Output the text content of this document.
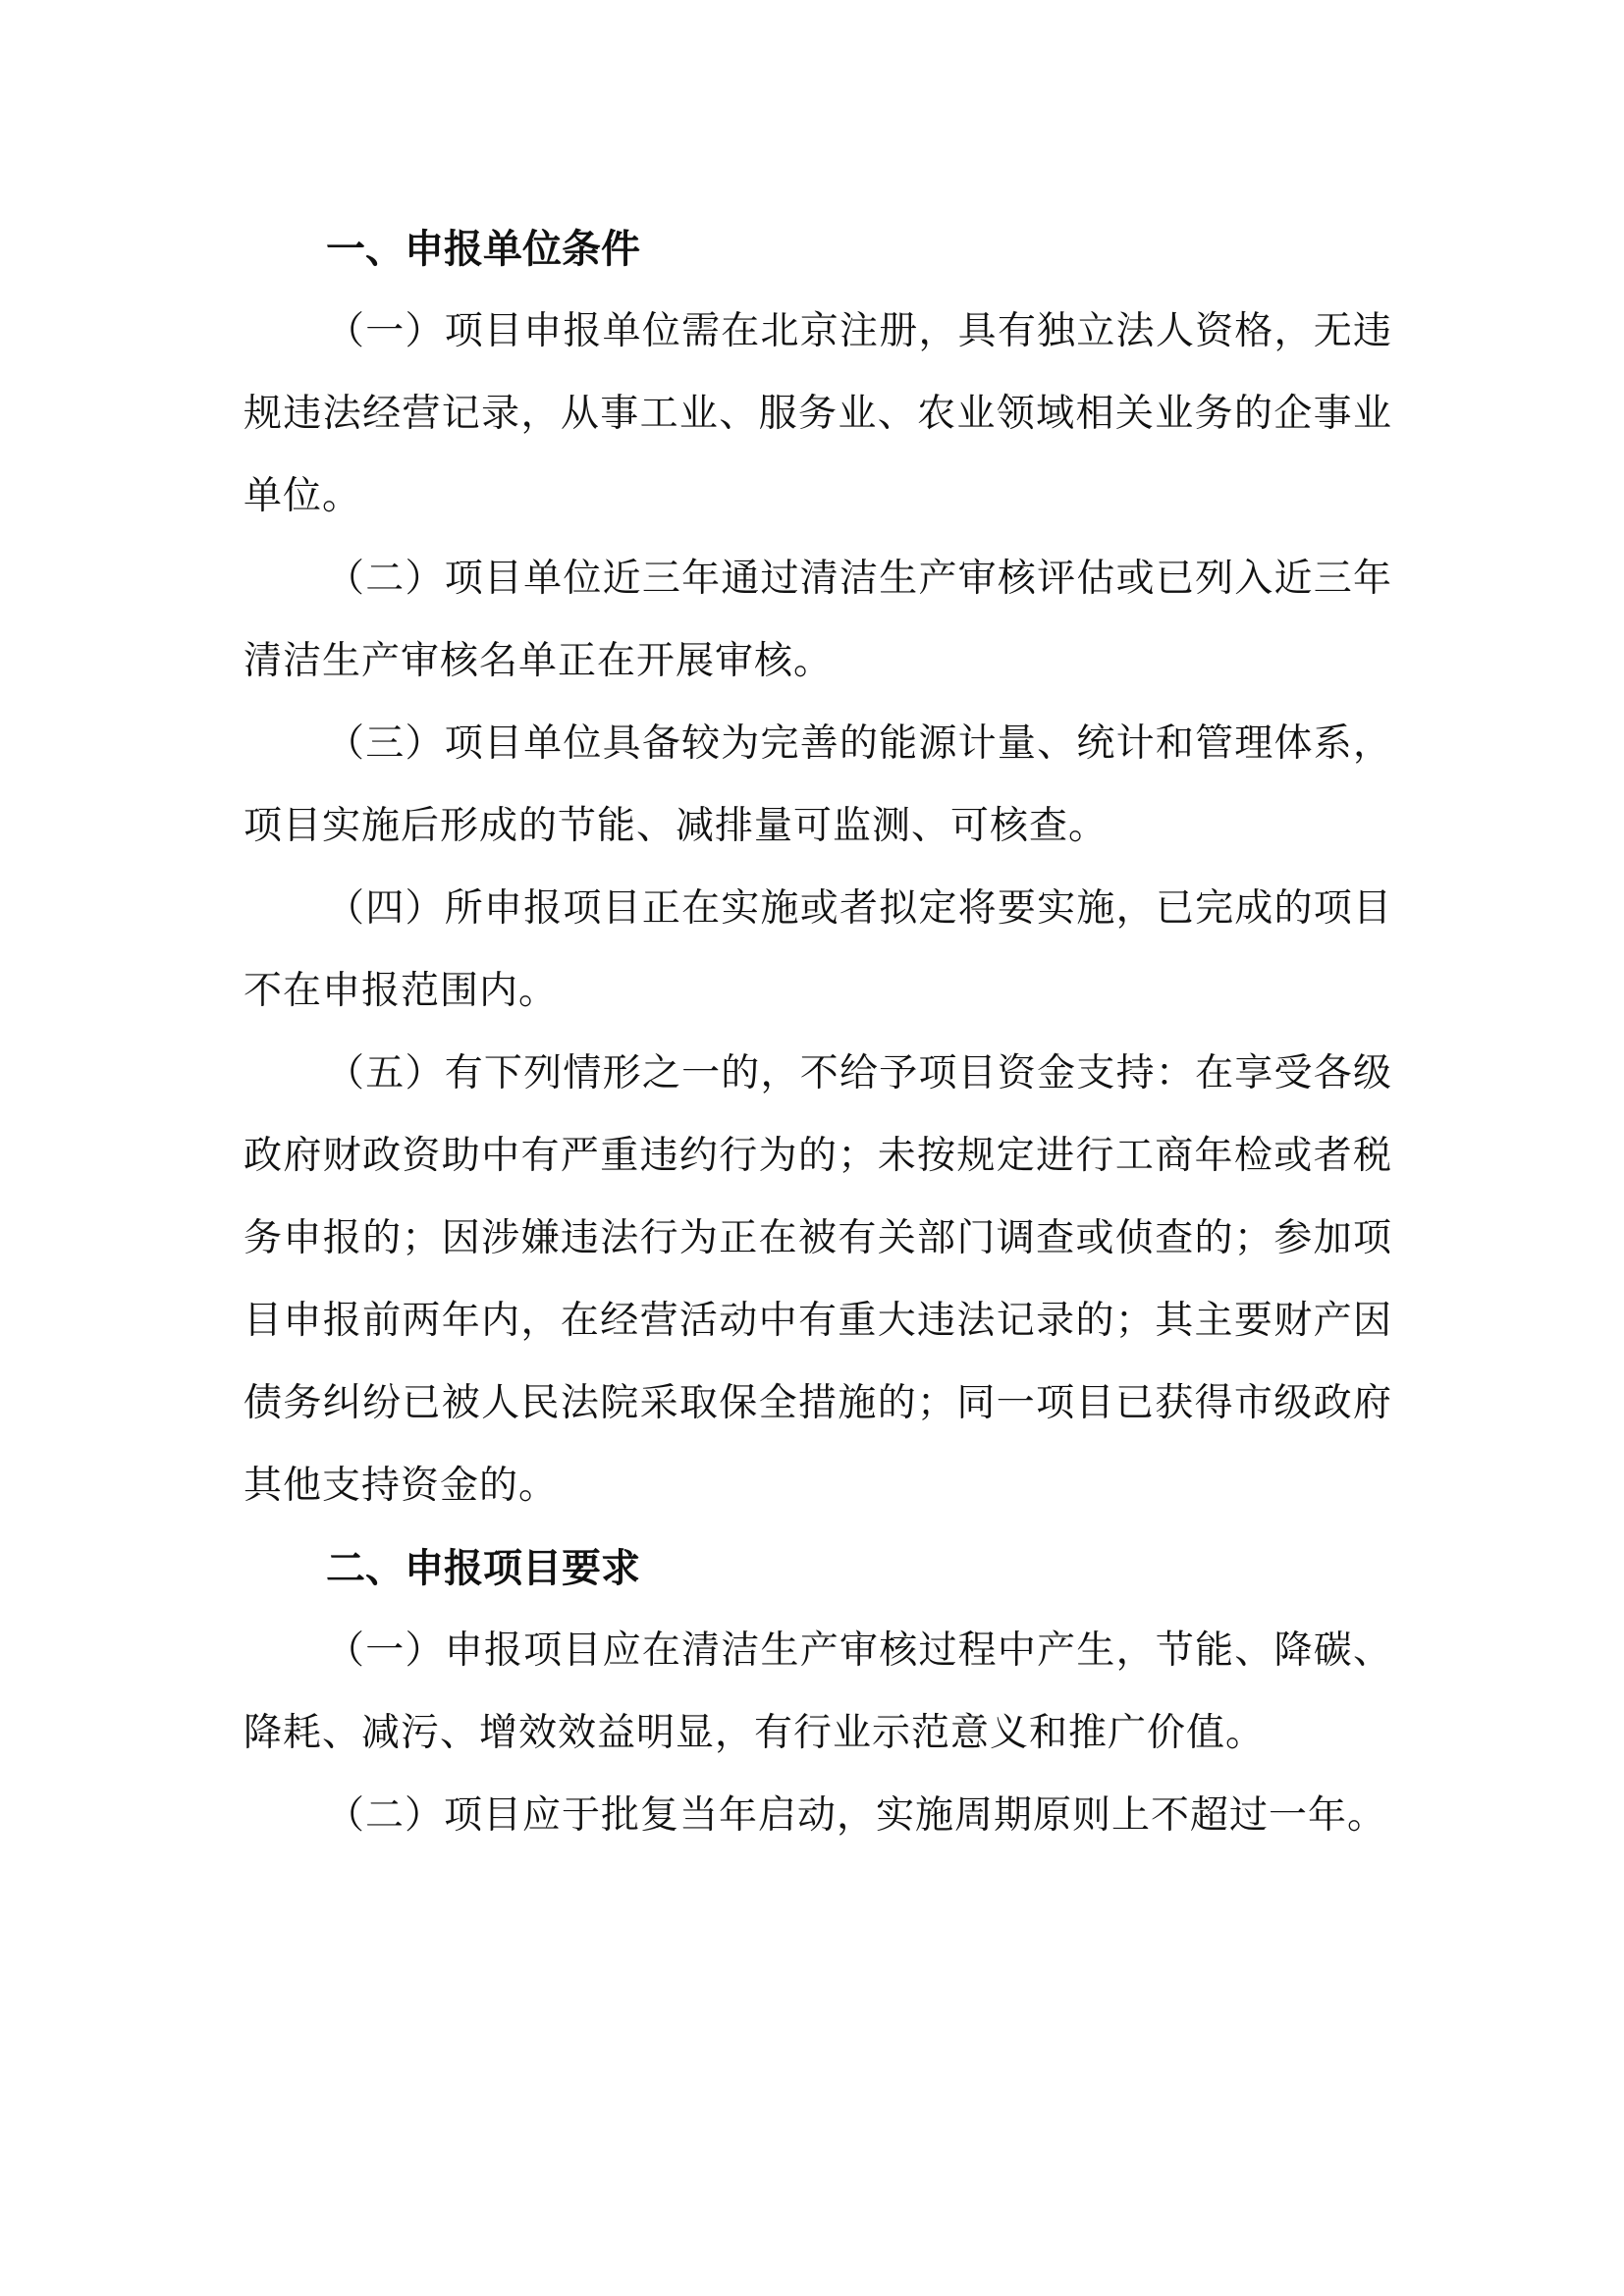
一、申报单位条件

（一）项目申报单位需在北京注册，具有独立法人资格，无违规违法经营记录，从事工业、服务业、农业领域相关业务的企事业单位。

（二）项目单位近三年通过清洁生产审核评估或已列入近三年清洁生产审核名单正在开展审核。

（三）项目单位具备较为完善的能源计量、统计和管理体系，项目实施后形成的节能、减排量可监测、可核查。

（四）所申报项目正在实施或者拟定将要实施，已完成的项目不在申报范围内。

（五）有下列情形之一的，不给予项目资金支持：在享受各级政府财政资助中有严重违约行为的；未按规定进行工商年检或者税务申报的；因涉嫌违法行为正在被有关部门调查或侦查的；参加项目申报前两年内，在经营活动中有重大违法记录的；其主要财产因债务纠纷已被人民法院采取保全措施的；同一项目已获得市级政府其他支持资金的。

二、申报项目要求

（一）申报项目应在清洁生产审核过程中产生，节能、降碳、降耗、减污、增效效益明显，有行业示范意义和推广价值。

（二）项目应于批复当年启动，实施周期原则上不超过一年。
